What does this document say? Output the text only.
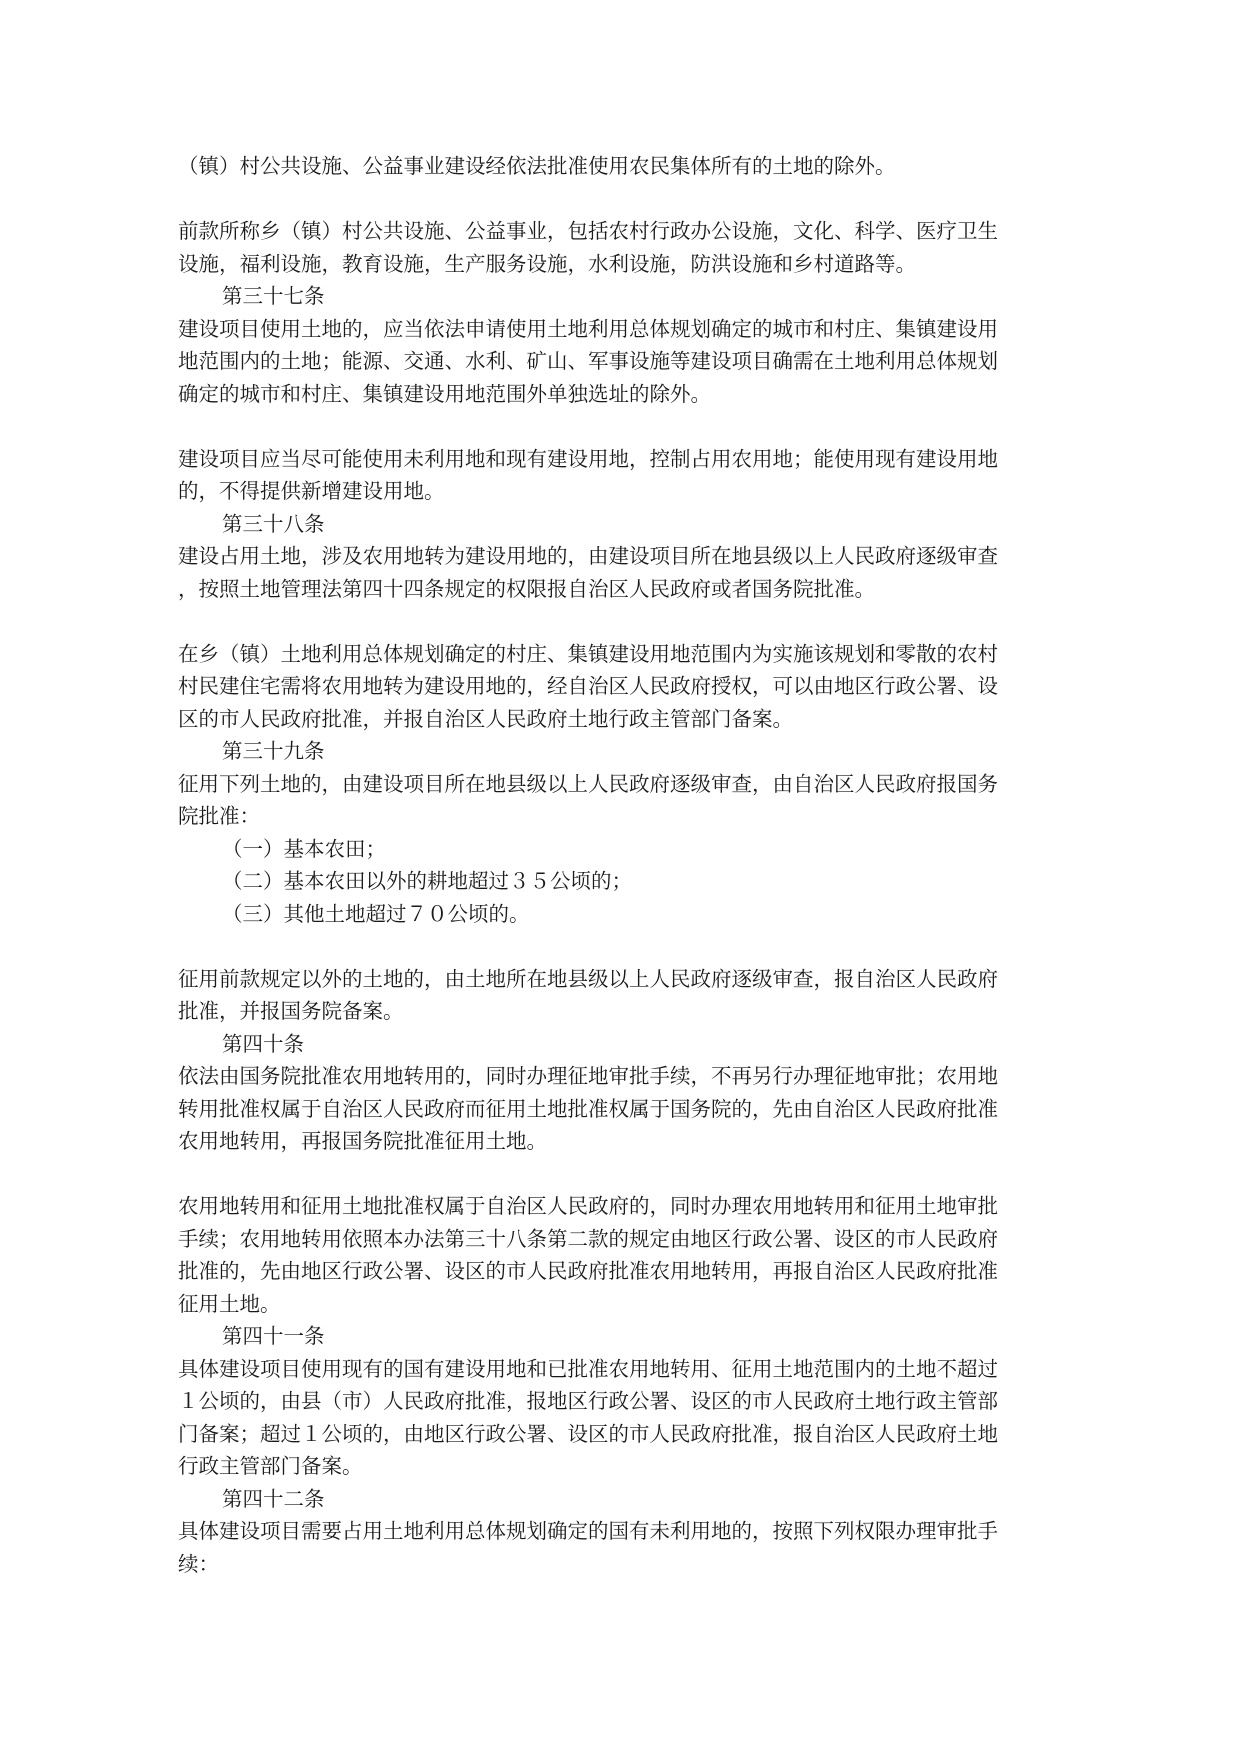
（镇）村公共设施、公益事业建设经依法批准使用农民集体所有的土地的除外。
前款所称乡（镇）村公共设施、公益事业，包括农村行政办公设施，文化、科学、医疗卫生
设施，福利设施，教育设施，生产服务设施，水利设施，防洪设施和乡村道路等。
第三十七条
建设项目使用土地的，应当依法申请使用土地利用总体规划确定的城市和村庄、集镇建设用
地范围内的土地；能源、交通、水利、矿山、军事设施等建设项目确需在土地利用总体规划
确定的城市和村庄、集镇建设用地范围外单独选址的除外。
建设项目应当尽可能使用未利用地和现有建设用地，控制占用农用地；能使用现有建设用地
的，不得提供新增建设用地。
第三十八条
建设占用土地，涉及农用地转为建设用地的，由建设项目所在地县级以上人民政府逐级审查
，按照土地管理法第四十四条规定的权限报自治区人民政府或者国务院批准。
在乡（镇）土地利用总体规划确定的村庄、集镇建设用地范围内为实施该规划和零散的农村
村民建住宅需将农用地转为建设用地的，经自治区人民政府授权，可以由地区行政公署、设
区的市人民政府批准，并报自治区人民政府土地行政主管部门备案。
第三十九条
征用下列土地的，由建设项目所在地县级以上人民政府逐级审查，由自治区人民政府报国务
院批准：
（一）基本农田；
（二）基本农田以外的耕地超过３５公顷的；
（三）其他土地超过７０公顷的。
征用前款规定以外的土地的，由土地所在地县级以上人民政府逐级审查，报自治区人民政府
批准，并报国务院备案。
第四十条
依法由国务院批准农用地转用的，同时办理征地审批手续，不再另行办理征地审批；农用地
转用批准权属于自治区人民政府而征用土地批准权属于国务院的，先由自治区人民政府批准
农用地转用，再报国务院批准征用土地。
农用地转用和征用土地批准权属于自治区人民政府的，同时办理农用地转用和征用土地审批
手续；农用地转用依照本办法第三十八条第二款的规定由地区行政公署、设区的市人民政府
批准的，先由地区行政公署、设区的市人民政府批准农用地转用，再报自治区人民政府批准
征用土地。
第四十一条
具体建设项目使用现有的国有建设用地和已批准农用地转用、征用土地范围内的土地不超过
１公顷的，由县（市）人民政府批准，报地区行政公署、设区的市人民政府土地行政主管部
门备案；超过１公顷的，由地区行政公署、设区的市人民政府批准，报自治区人民政府土地
行政主管部门备案。
第四十二条
具体建设项目需要占用土地利用总体规划确定的国有未利用地的，按照下列权限办理审批手
续：
